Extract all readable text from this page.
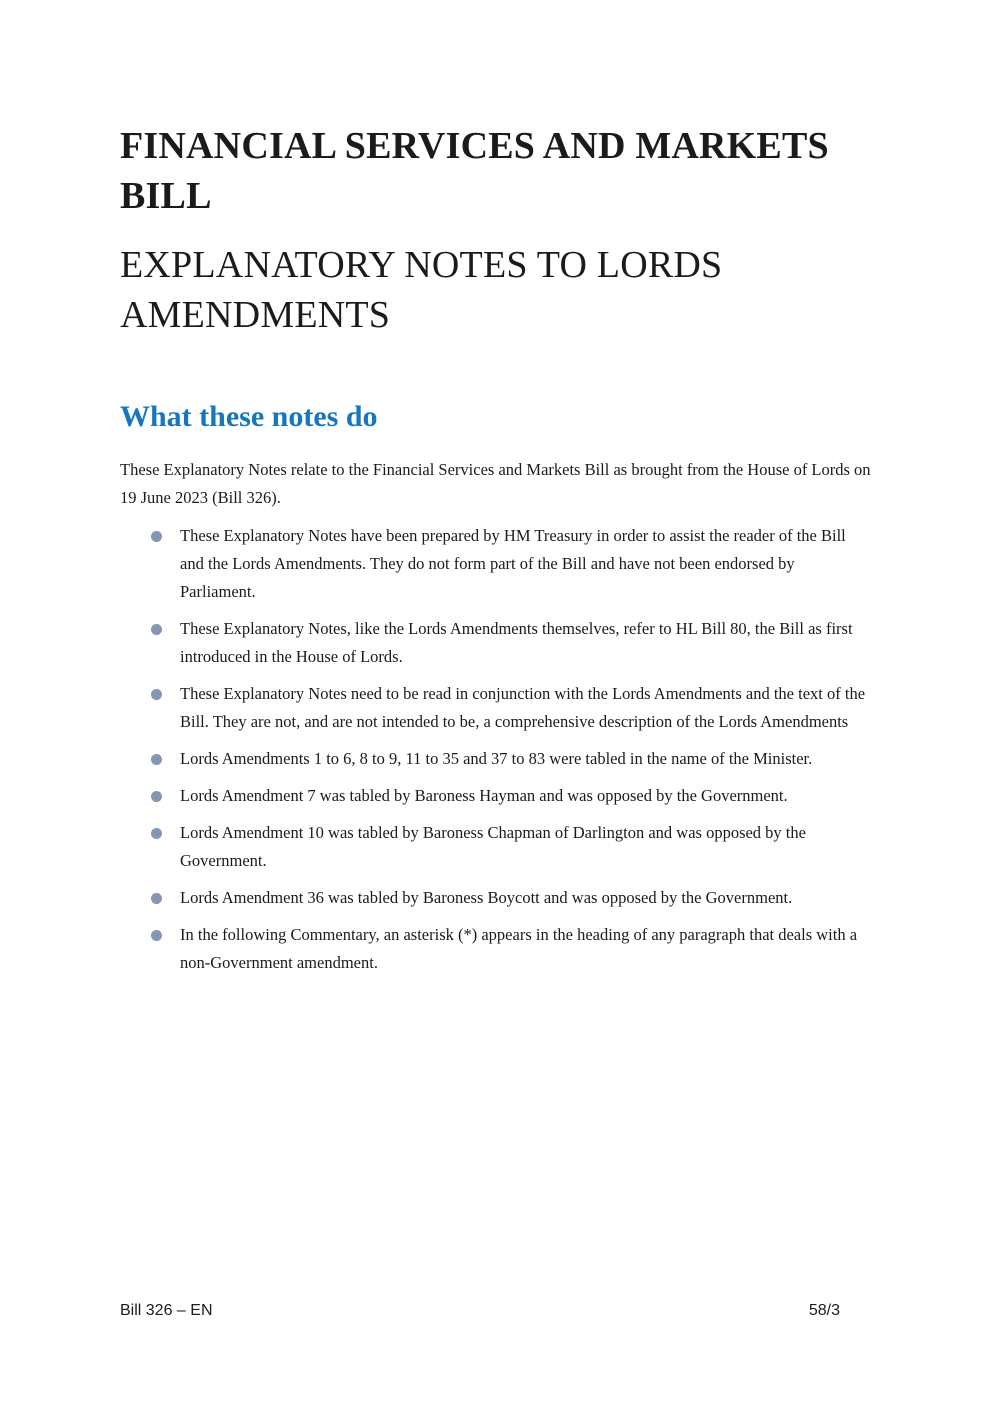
FINANCIAL SERVICES AND MARKETS BILL
EXPLANATORY NOTES TO LORDS AMENDMENTS
What these notes do

These Explanatory Notes relate to the Financial Services and Markets Bill as brought from the House of Lords on 19 June 2023 (Bill 326).

These Explanatory Notes have been prepared by HM Treasury in order to assist the reader of the Bill and the Lords Amendments. They do not form part of the Bill and have not been endorsed by Parliament.
These Explanatory Notes, like the Lords Amendments themselves, refer to HL Bill 80, the Bill as first introduced in the House of Lords.
These Explanatory Notes need to be read in conjunction with the Lords Amendments and the text of the Bill. They are not, and are not intended to be, a comprehensive description of the Lords Amendments
Lords Amendments 1 to 6, 8 to 9, 11 to 35 and 37 to 83 were tabled in the name of the Minister.
Lords Amendment 7 was tabled by Baroness Hayman and was opposed by the Government.
Lords Amendment 10 was tabled by Baroness Chapman of Darlington and was opposed by the Government.
Lords Amendment 36 was tabled by Baroness Boycott and was opposed by the Government.
In the following Commentary, an asterisk (*) appears in the heading of any paragraph that deals with a non-Government amendment.
Bill 326 – EN	58/3
